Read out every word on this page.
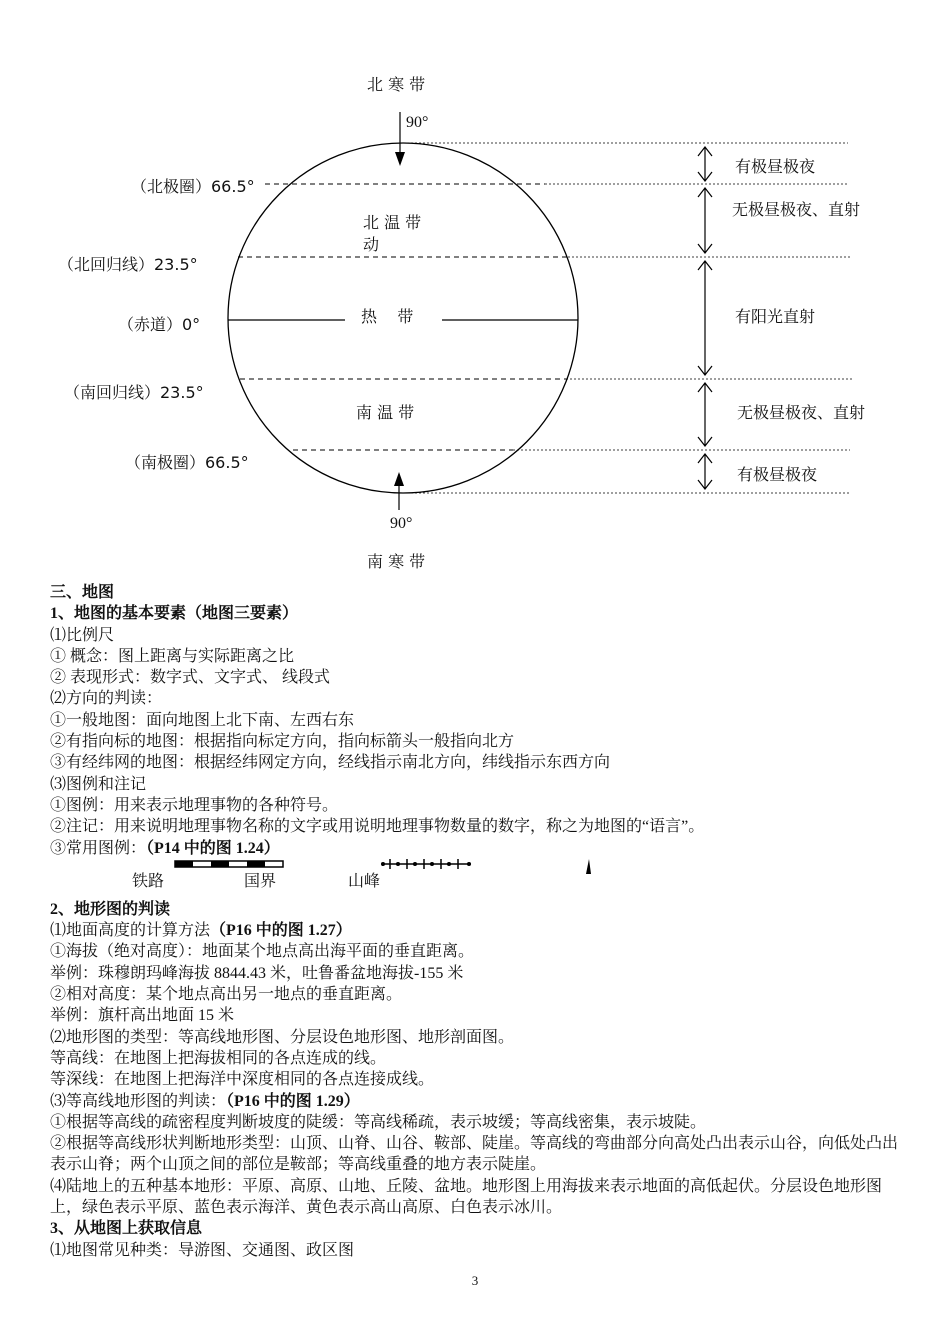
北 寒 带
90°
北 温 带
动
热    带
南 温 带
90°
南 寒 带
（北极圈）66.5°
（北回归线）23.5°
（赤道）0°
（南回归线）23.5°
（南极圈）66.5°
有极昼极夜
无极昼极夜、直射
有阳光直射
无极昼极夜、直射
有极昼极夜

三、地图

1、地图的基本要素（地图三要素）

⑴比例尺

① 概念：图上距离与实际距离之比

② 表现形式：数字式、文字式、 线段式

⑵方向的判读：

①一般地图：面向地图上北下南、左西右东

②有指向标的地图：根据指向标定方向，指向标箭头一般指向北方

③有经纬网的地图：根据经纬网定方向，经线指示南北方向，纬线指示东西方向

⑶图例和注记

①图例：用来表示地理事物的各种符号。

②注记：用来说明地理事物名称的文字或用说明地理事物数量的数字，称之为地图的“语言”。

③常用图例：（P14 中的图 1.24）

铁路	国界	山峰

2、地形图的判读

⑴地面高度的计算方法（P16 中的图 1.27）

①海拔（绝对高度）：地面某个地点高出海平面的垂直距离。

举例：珠穆朗玛峰海拔 8844.43 米，吐鲁番盆地海拔-155 米

②相对高度：某个地点高出另一地点的垂直距离。

举例：旗杆高出地面 15 米

⑵地形图的类型：等高线地形图、分层设色地形图、地形剖面图。

等高线：在地图上把海拔相同的各点连成的线。

等深线：在地图上把海洋中深度相同的各点连接成线。

⑶等高线地形图的判读：（P16 中的图 1.29）

①根据等高线的疏密程度判断坡度的陡缓：等高线稀疏，表示坡缓；等高线密集，表示坡陡。

②根据等高线形状判断地形类型：山顶、山脊、山谷、鞍部、陡崖。等高线的弯曲部分向高处凸出表示山谷，向低处凸出表示山脊；两个山顶之间的部位是鞍部；等高线重叠的地方表示陡崖。

⑷陆地上的五种基本地形：平原、高原、山地、丘陵、盆地。地形图上用海拔来表示地面的高低起伏。分层设色地形图上，绿色表示平原、蓝色表示海洋、黄色表示高山高原、白色表示冰川。

3、从地图上获取信息

⑴地图常见种类：导游图、交通图、政区图

3
